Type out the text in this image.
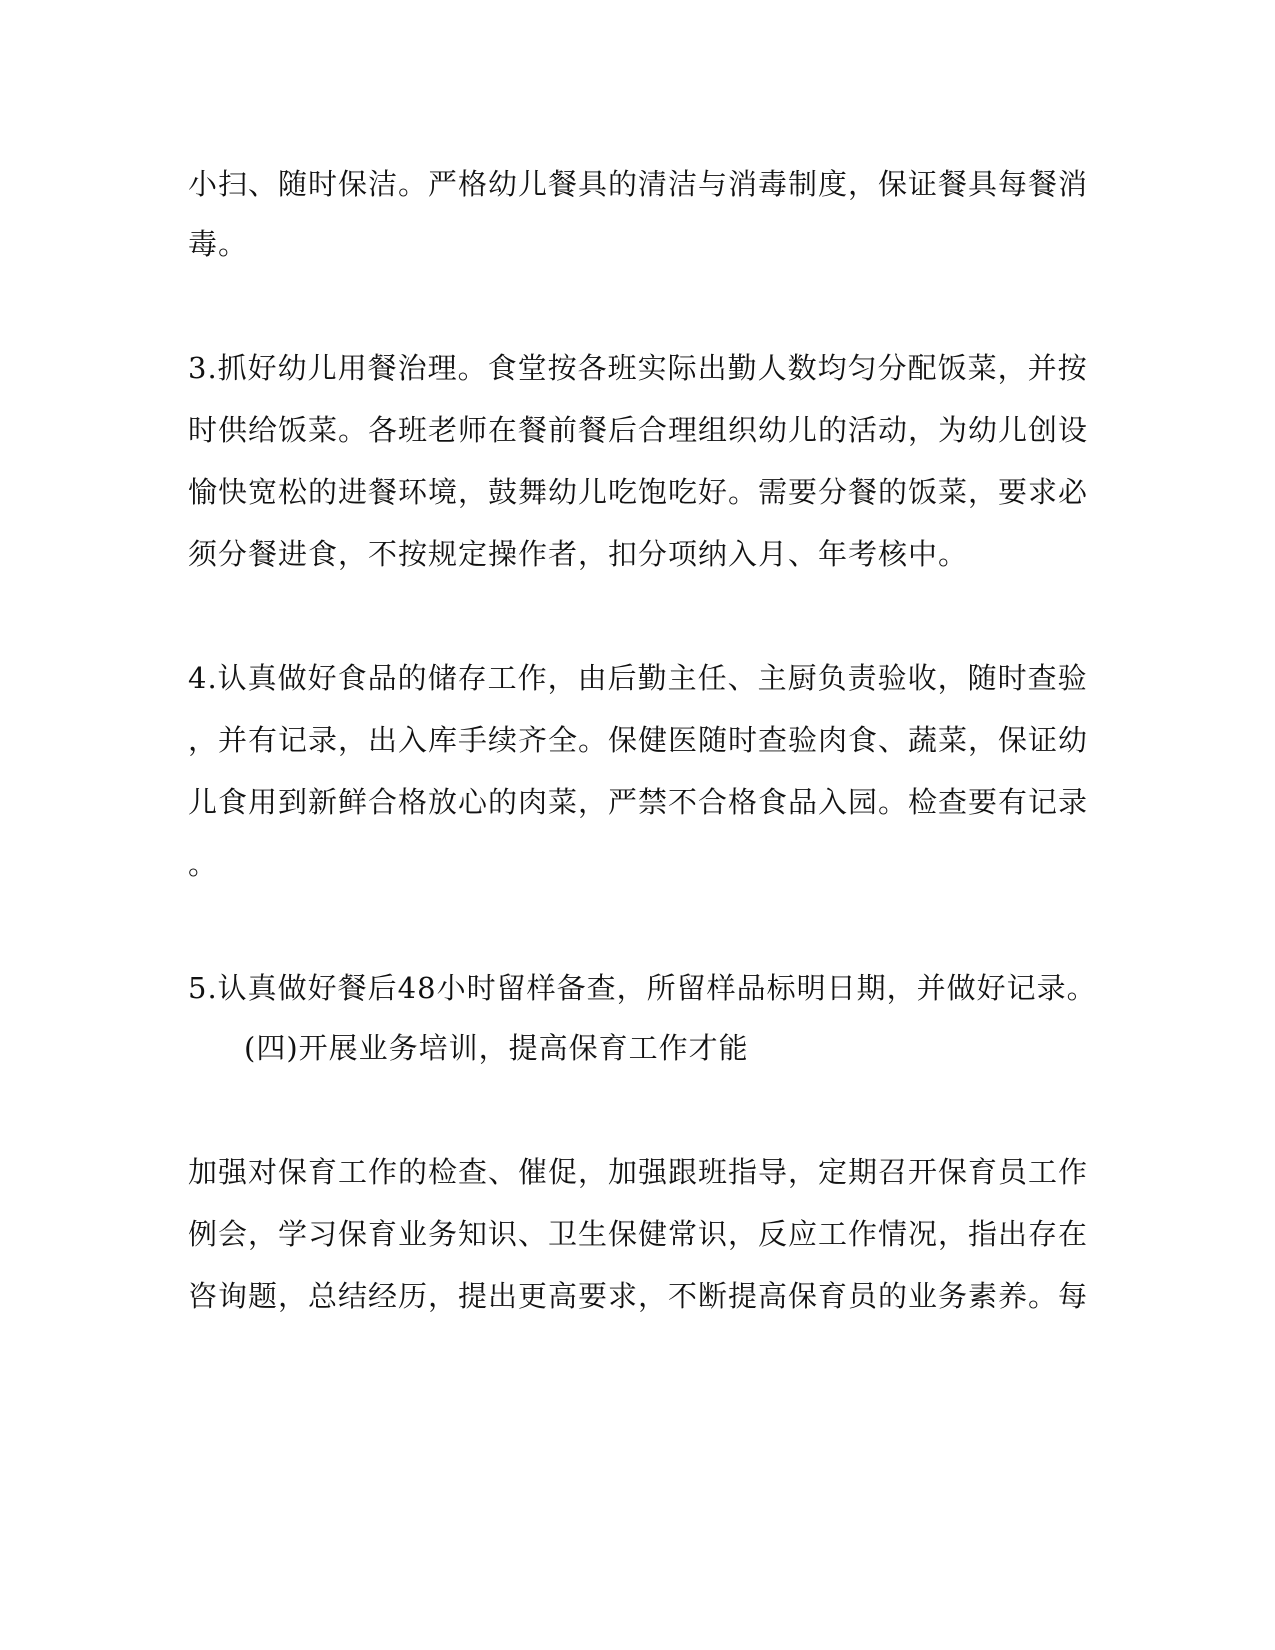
小扫、随时保洁。严格幼儿餐具的清洁与消毒制度，保证餐具每餐消
毒。
3.抓好幼儿用餐治理。食堂按各班实际出勤人数均匀分配饭菜，并按
时供给饭菜。各班老师在餐前餐后合理组织幼儿的活动，为幼儿创设
愉快宽松的进餐环境，鼓舞幼儿吃饱吃好。需要分餐的饭菜，要求必
须分餐进食，不按规定操作者，扣分项纳入月、年考核中。
4.认真做好食品的储存工作，由后勤主任、主厨负责验收，随时查验
，并有记录，出入库手续齐全。保健医随时查验肉食、蔬菜，保证幼
儿食用到新鲜合格放心的肉菜，严禁不合格食品入园。检查要有记录
。
5.认真做好餐后48小时留样备查，所留样品标明日期，并做好记录。
(四)开展业务培训，提高保育工作才能
加强对保育工作的检查、催促，加强跟班指导，定期召开保育员工作
例会，学习保育业务知识、卫生保健常识，反应工作情况，指出存在
咨询题，总结经历，提出更高要求，不断提高保育员的业务素养。每
